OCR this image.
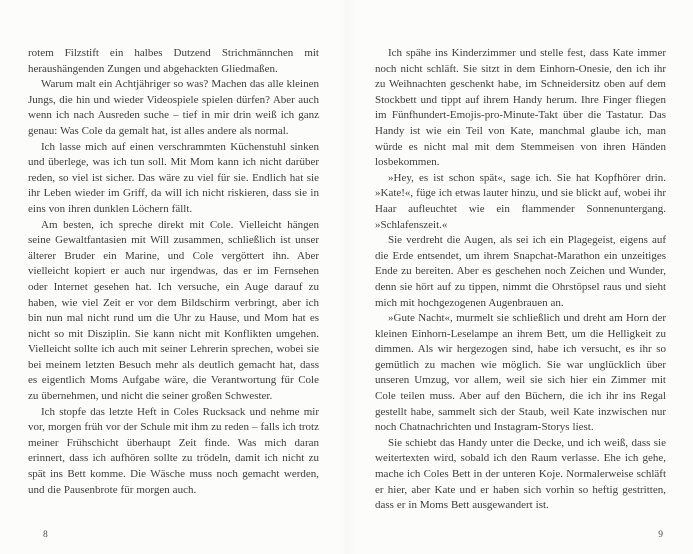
rotem Filzstift ein halbes Dutzend Strichmännchen mit heraushängenden Zungen und abgehackten Gliedmaßen.

Warum malt ein Achtjähriger so was? Machen das alle kleinen Jungs, die hin und wieder Videospiele spielen dürfen? Aber auch wenn ich nach Ausreden suche – tief in mir drin weiß ich ganz genau: Was Cole da gemalt hat, ist alles andere als normal.

Ich lasse mich auf einen verschrammten Küchenstuhl sinken und überlege, was ich tun soll. Mit Mom kann ich nicht darüber reden, so viel ist sicher. Das wäre zu viel für sie. Endlich hat sie ihr Leben wieder im Griff, da will ich nicht riskieren, dass sie in eins von ihren dunklen Löchern fällt.

Am besten, ich spreche direkt mit Cole. Vielleicht hängen seine Gewaltfantasien mit Will zusammen, schließlich ist unser älterer Bruder ein Marine, und Cole vergöttert ihn. Aber vielleicht kopiert er auch nur irgendwas, das er im Fernsehen oder Internet gesehen hat. Ich versuche, ein Auge darauf zu haben, wie viel Zeit er vor dem Bildschirm verbringt, aber ich bin nun mal nicht rund um die Uhr zu Hause, und Mom hat es nicht so mit Disziplin. Sie kann nicht mit Konflikten umgehen. Vielleicht sollte ich auch mit seiner Lehrerin sprechen, wobei sie bei meinem letzten Besuch mehr als deutlich gemacht hat, dass es eigentlich Moms Aufgabe wäre, die Verantwortung für Cole zu übernehmen, und nicht die seiner großen Schwester.

Ich stopfe das letzte Heft in Coles Rucksack und nehme mir vor, morgen früh vor der Schule mit ihm zu reden – falls ich trotz meiner Frühschicht überhaupt Zeit finde. Was mich daran erinnert, dass ich aufhören sollte zu trödeln, damit ich nicht zu spät ins Bett komme. Die Wäsche muss noch gemacht werden, und die Pausenbrote für morgen auch.

8

Ich spähe ins Kinderzimmer und stelle fest, dass Kate immer noch nicht schläft. Sie sitzt in dem Einhorn-Onesie, den ich ihr zu Weihnachten geschenkt habe, im Schneidersitz oben auf dem Stockbett und tippt auf ihrem Handy herum. Ihre Finger fliegen im Fünfhundert-Emojis-pro-Minute-Takt über die Tastatur. Das Handy ist wie ein Teil von Kate, manchmal glaube ich, man würde es nicht mal mit dem Stemmeisen von ihren Händen losbekommen.

»Hey, es ist schon spät«, sage ich. Sie hat Kopfhörer drin. »Kate!«, füge ich etwas lauter hinzu, und sie blickt auf, wobei ihr Haar aufleuchtet wie ein flammender Sonnenuntergang. »Schlafenszeit.«

Sie verdreht die Augen, als sei ich ein Plagegeist, eigens auf die Erde entsendet, um ihrem Snapchat-Marathon ein unzeitiges Ende zu bereiten. Aber es geschehen noch Zeichen und Wunder, denn sie hört auf zu tippen, nimmt die Ohrstöpsel raus und sieht mich mit hochgezogenen Augenbrauen an.

»Gute Nacht«, murmelt sie schließlich und dreht am Horn der kleinen Einhorn-Leselampe an ihrem Bett, um die Helligkeit zu dimmen. Als wir hergezogen sind, habe ich versucht, es ihr so gemütlich zu machen wie möglich. Sie war unglücklich über unseren Umzug, vor allem, weil sie sich hier ein Zimmer mit Cole teilen muss. Aber auf den Büchern, die ich ihr ins Regal gestellt habe, sammelt sich der Staub, weil Kate inzwischen nur noch Chatnachrichten und Instagram-Storys liest.

Sie schiebt das Handy unter die Decke, und ich weiß, dass sie weitertexten wird, sobald ich den Raum verlasse. Ehe ich gehe, mache ich Coles Bett in der unteren Koje. Normalerweise schläft er hier, aber Kate und er haben sich vorhin so heftig gestritten, dass er in Moms Bett ausgewandert ist.

9
